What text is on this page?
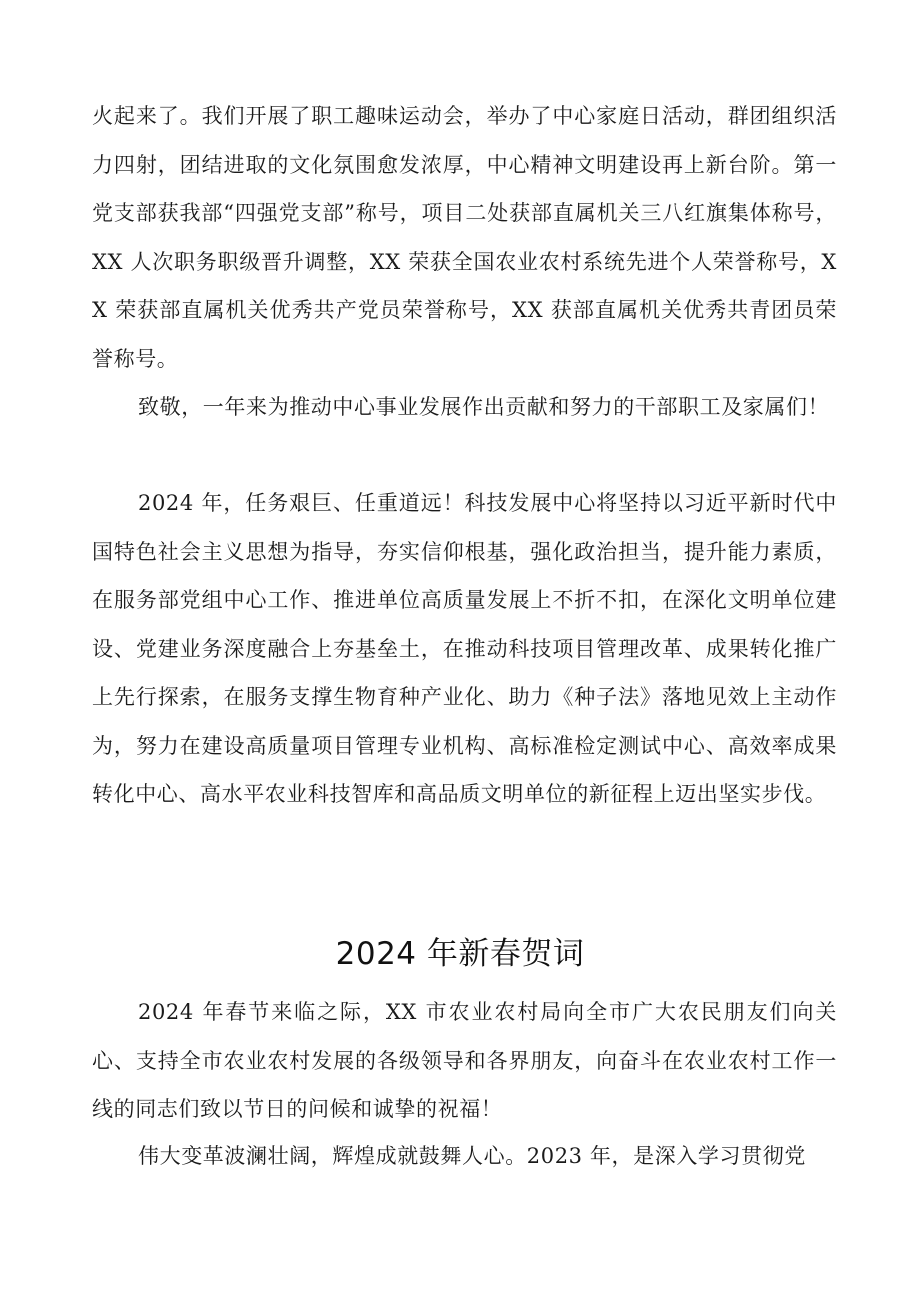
火起来了。我们开展了职工趣味运动会，举办了中心家庭日活动，群团组织活力四射，团结进取的文化氛围愈发浓厚，中心精神文明建设再上新台阶。第一党支部获我部“四强党支部”称号，项目二处获部直属机关三八红旗集体称号，XX 人次职务职级晋升调整，XX 荣获全国农业农村系统先进个人荣誉称号，XX 荣获部直属机关优秀共产党员荣誉称号，XX 获部直属机关优秀共青团员荣誉称号。

致敬，一年来为推动中心事业发展作出贡献和努力的干部职工及家属们！

2024 年，任务艰巨、任重道远！科技发展中心将坚持以习近平新时代中国特色社会主义思想为指导，夯实信仰根基，强化政治担当，提升能力素质，在服务部党组中心工作、推进单位高质量发展上不折不扣，在深化文明单位建设、党建业务深度融合上夯基垒土，在推动科技项目管理改革、成果转化推广上先行探索，在服务支撑生物育种产业化、助力《种子法》落地见效上主动作为，努力在建设高质量项目管理专业机构、高标准检定测试中心、高效率成果转化中心、高水平农业科技智库和高品质文明单位的新征程上迈出坚实步伐。

2024 年新春贺词

2024 年春节来临之际，XX 市农业农村局向全市广大农民朋友们向关心、支持全市农业农村发展的各级领导和各界朋友，向奋斗在农业农村工作一线的同志们致以节日的问候和诚挚的祝福！

伟大变革波澜壮阔，辉煌成就鼓舞人心。2023 年，是深入学习贯彻党
